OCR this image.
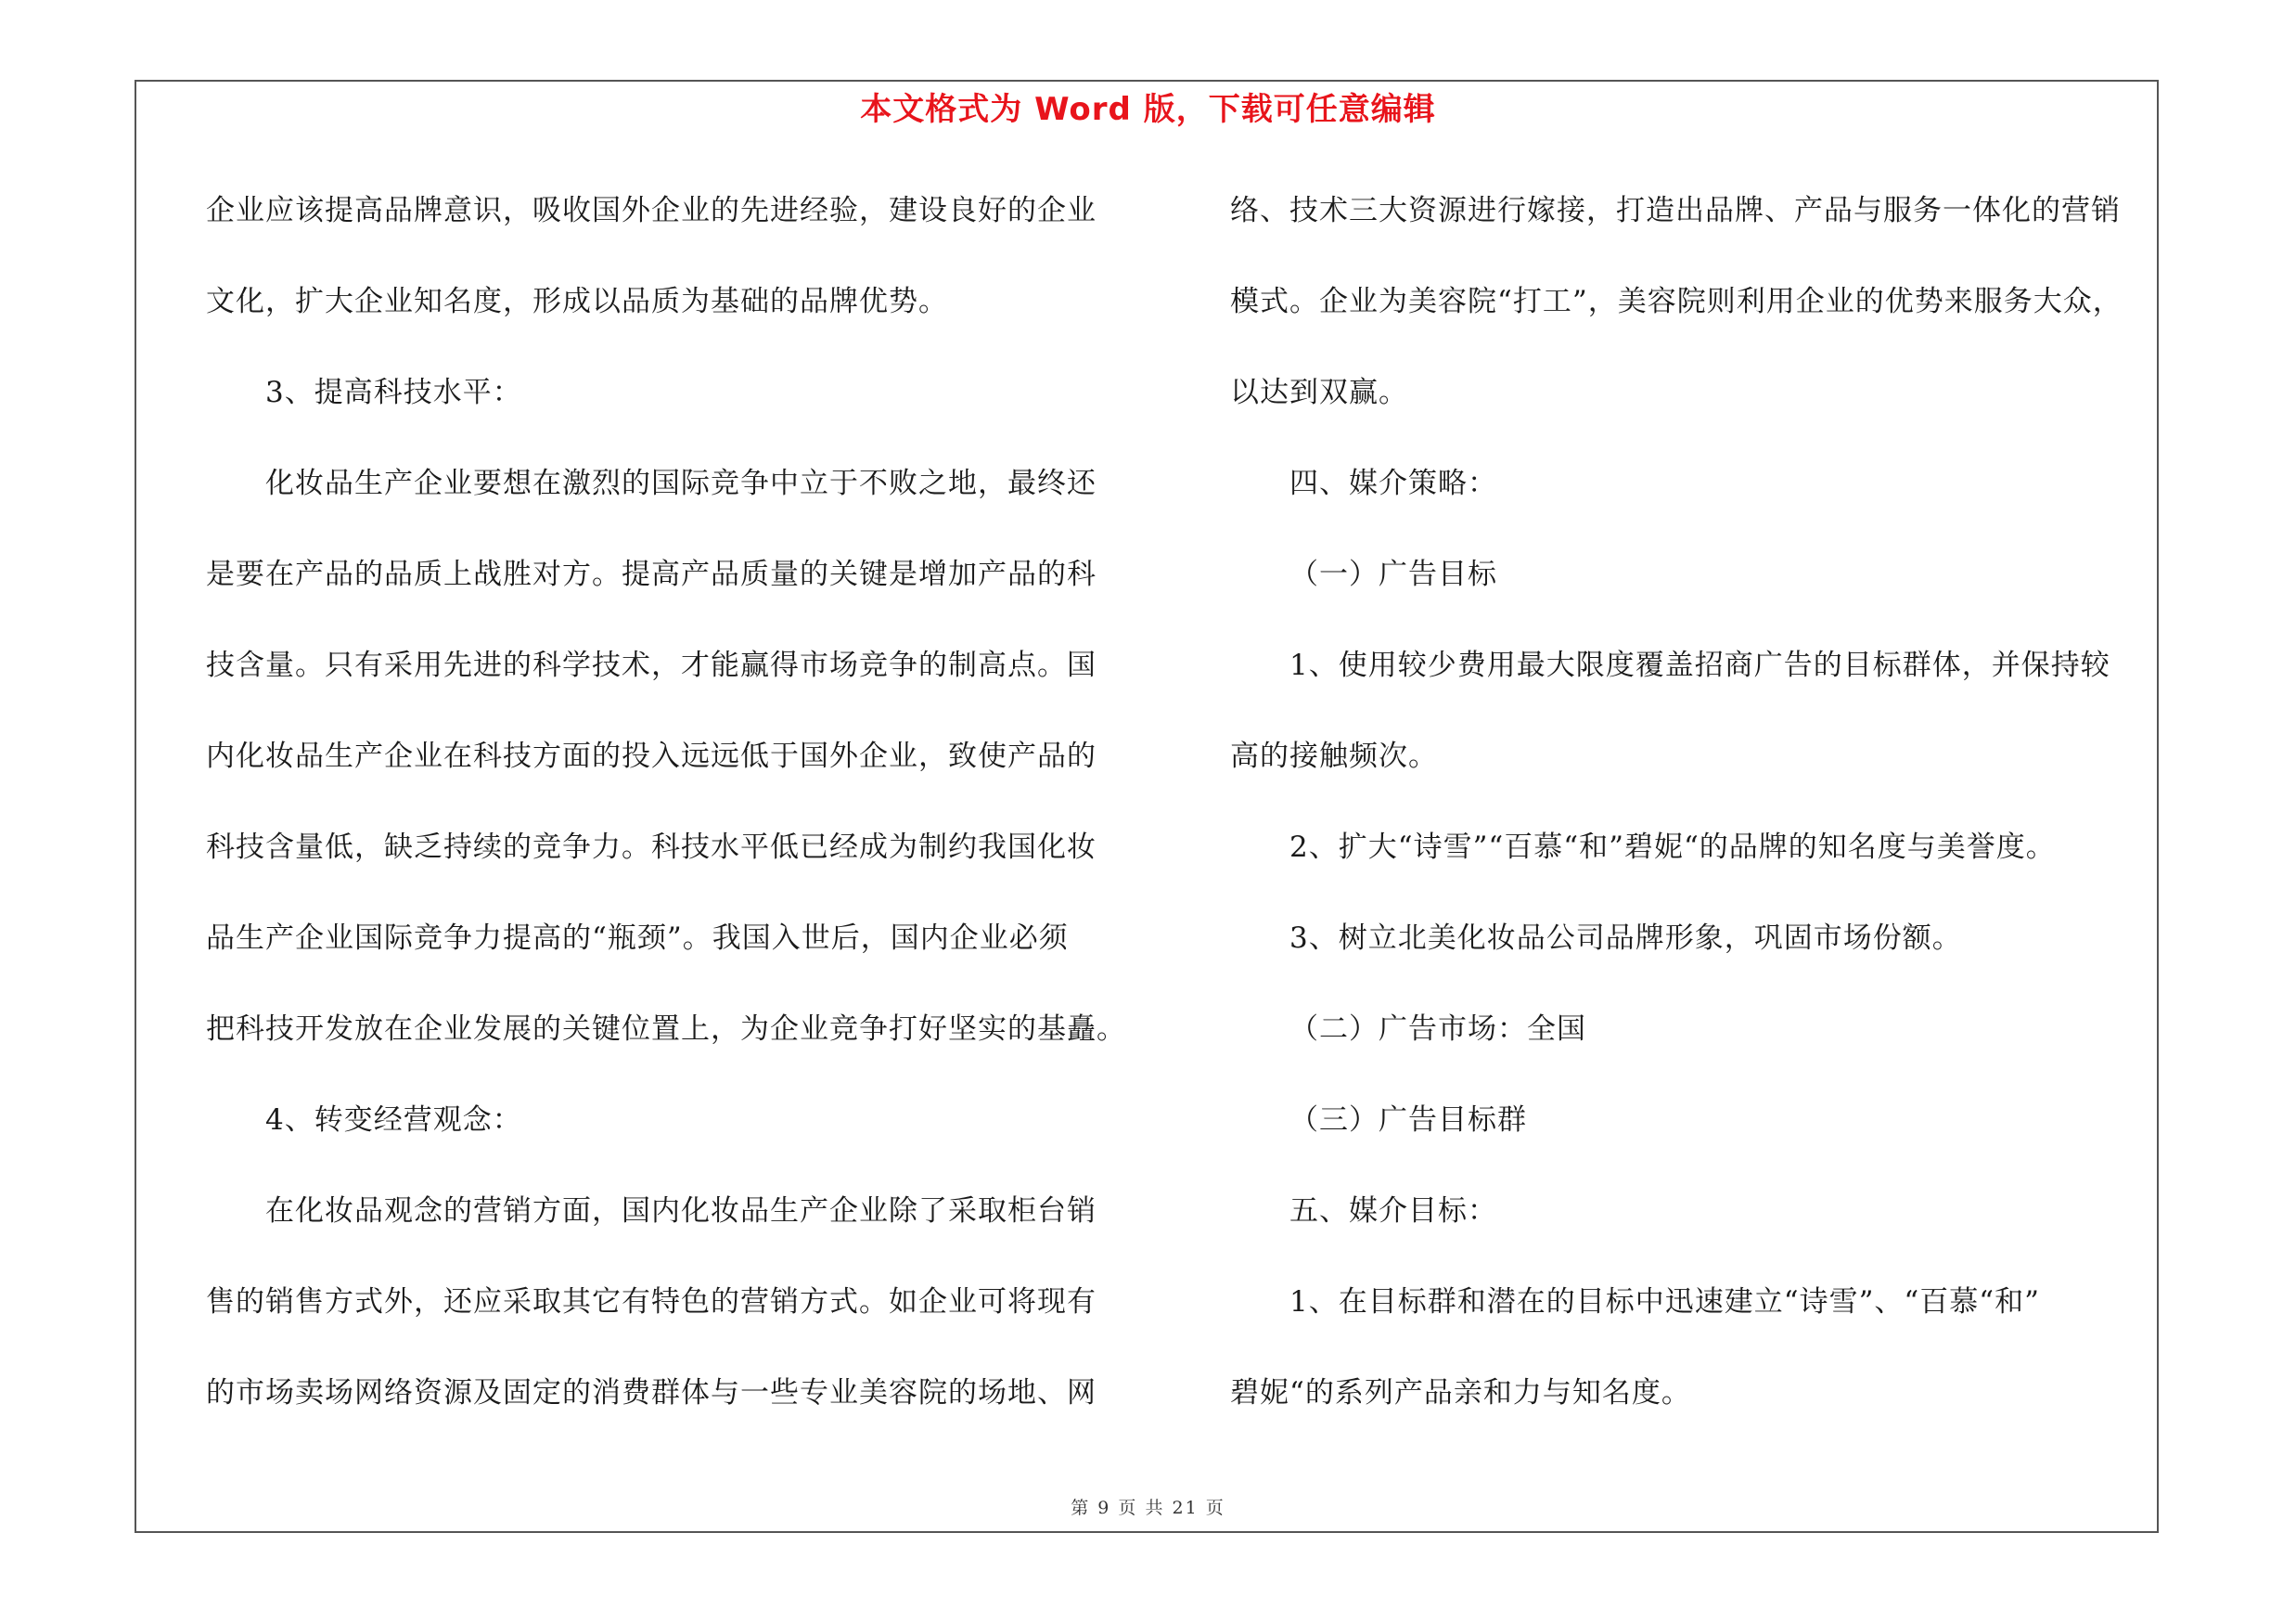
本文格式为 Word 版，下载可任意编辑
企业应该提高品牌意识，吸收国外企业的先进经验，建设良好的企业
文化，扩大企业知名度，形成以品质为基础的品牌优势。
3、提高科技水平：
化妆品生产企业要想在激烈的国际竞争中立于不败之地，最终还
是要在产品的品质上战胜对方。提高产品质量的关键是增加产品的科
技含量。只有采用先进的科学技术，才能赢得市场竞争的制高点。国
内化妆品生产企业在科技方面的投入远远低于国外企业，致使产品的
科技含量低，缺乏持续的竞争力。科技水平低已经成为制约我国化妆
品生产企业国际竞争力提高的“瓶颈”。我国入世后，国内企业必须
把科技开发放在企业发展的关键位置上，为企业竞争打好坚实的基矗。
4、转变经营观念：
在化妆品观念的营销方面，国内化妆品生产企业除了采取柜台销
售的销售方式外，还应采取其它有特色的营销方式。如企业可将现有
的市场卖场网络资源及固定的消费群体与一些专业美容院的场地、网
络、技术三大资源进行嫁接，打造出品牌、产品与服务一体化的营销
模式。企业为美容院“打工”，美容院则利用企业的优势来服务大众，
以达到双赢。
四、媒介策略：
（一）广告目标
1、使用较少费用最大限度覆盖招商广告的目标群体，并保持较
高的接触频次。
2、扩大“诗雪”“百慕“和”碧妮“的品牌的知名度与美誉度。
3、树立北美化妆品公司品牌形象，巩固市场份额。
（二）广告市场：全国
（三）广告目标群
五、媒介目标：
1、在目标群和潜在的目标中迅速建立“诗雪”、“百慕“和”
碧妮“的系列产品亲和力与知名度。
第 9 页 共 21 页
